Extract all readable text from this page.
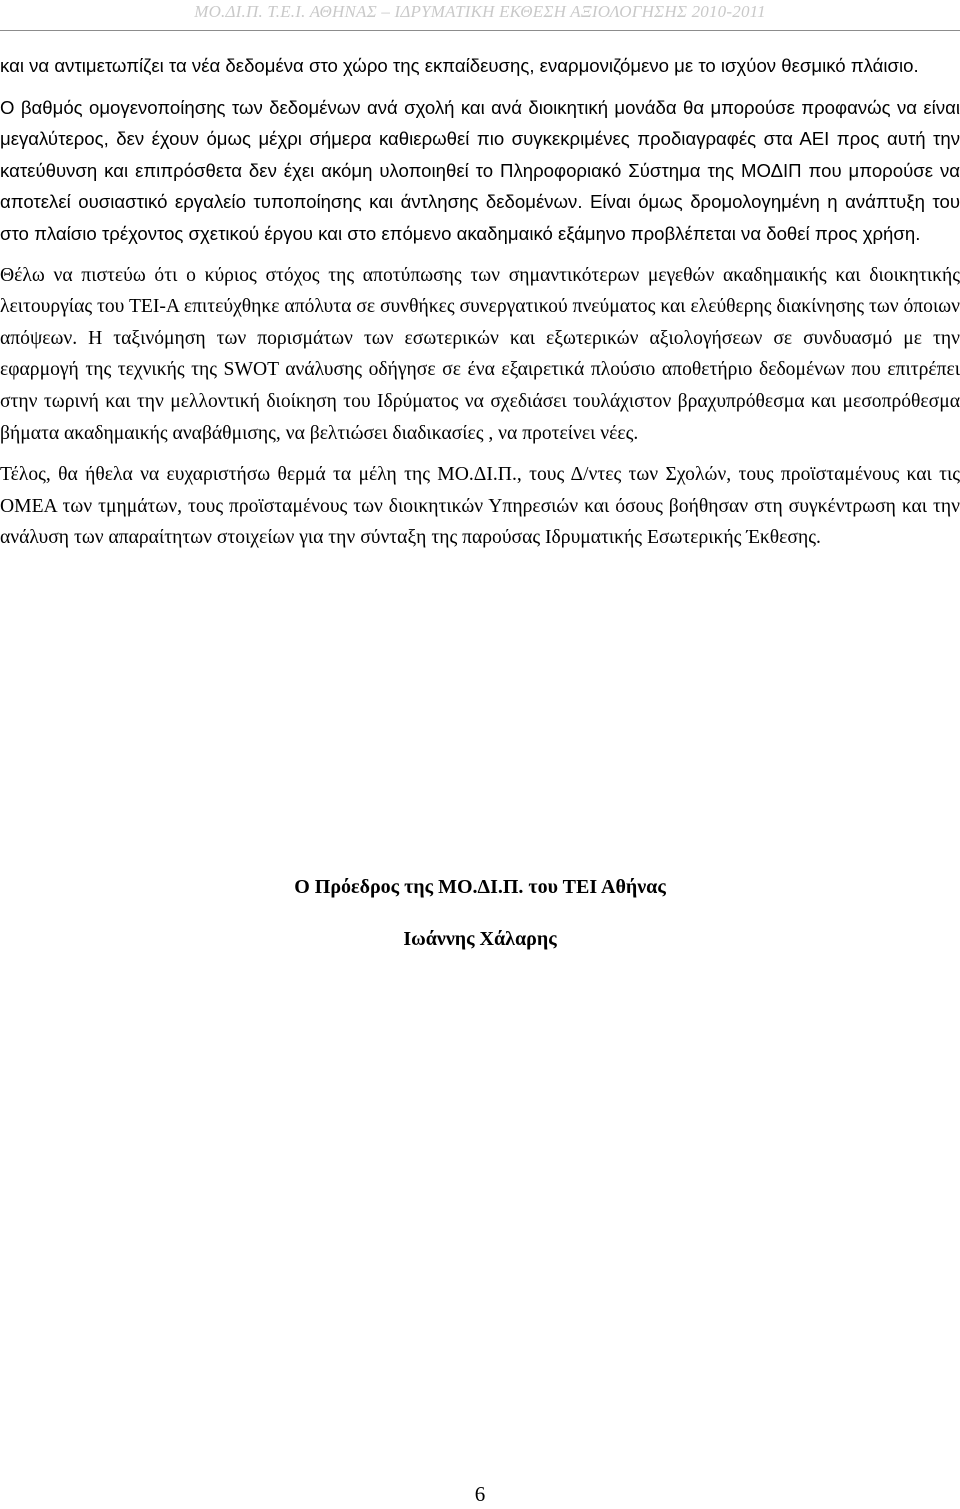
ΜΟ.ΔΙ.Π. Τ.Ε.Ι. ΑΘΗΝΑΣ – ΙΔΡΥΜΑΤΙΚΗ ΕΚΘΕΣΗ ΑΞΙΟΛΟΓΗΣΗΣ 2010-2011

και να αντιμετωπίζει τα νέα δεδομένα στο χώρο της εκπαίδευσης, εναρμονιζόμενο με το ισχύον θεσμικό πλάισιο.

Ο βαθμός ομογενοποίησης των δεδομένων ανά σχολή και ανά διοικητική μονάδα θα μπορούσε προφανώς να είναι μεγαλύτερος, δεν έχουν όμως μέχρι σήμερα καθιερωθεί πιο συγκεκριμένες προδιαγραφές στα ΑΕΙ προς αυτή την κατεύθυνση και επιπρόσθετα δεν έχει ακόμη υλοποιηθεί το Πληροφοριακό Σύστημα της ΜΟΔΙΠ που μπορούσε να αποτελεί ουσιαστικό εργαλείο τυποποίησης και άντλησης δεδομένων. Είναι όμως δρομολογημένη η ανάπτυξη του στο πλαίσιο τρέχοντος σχετικού έργου και στο επόμενο ακαδημαικό εξάμηνο προβλέπεται να δοθεί προς χρήση.

Θέλω να πιστεύω ότι ο κύριος στόχος της αποτύπωσης των σημαντικότερων μεγεθών ακαδημαικής και διοικητικής λειτουργίας του ΤΕΙ-Α επιτεύχθηκε απόλυτα σε συνθήκες συνεργατικού πνεύματος και ελεύθερης διακίνησης των όποιων απόψεων. Η ταξινόμηση των πορισμάτων των εσωτερικών και εξωτερικών αξιολογήσεων σε συνδυασμό με την εφαρμογή της τεχνικής της SWOT ανάλυσης οδήγησε σε ένα εξαιρετικά πλούσιο αποθετήριο δεδομένων που επιτρέπει στην τωρινή και την μελλοντική διοίκηση του Ιδρύματος να σχεδιάσει τουλάχιστον βραχυπρόθεσμα και μεσοπρόθεσμα βήματα ακαδημαικής αναβάθμισης, να βελτιώσει διαδικασίες , να προτείνει νέες.

Τέλος, θα ήθελα να ευχαριστήσω θερμά τα μέλη της ΜΟ.ΔΙ.Π., τους Δ/ντες των Σχολών, τους προϊσταμένους και τις ΟΜΕΑ των τμημάτων, τους προϊσταμένους των διοικητικών Υπηρεσιών και όσους βοήθησαν στη συγκέντρωση και την ανάλυση των απαραίτητων στοιχείων για την σύνταξη της παρούσας Ιδρυματικής Εσωτερικής Έκθεσης.

Ο Πρόεδρος της ΜΟ.ΔΙ.Π. του ΤΕΙ Αθήνας
Ιωάννης Χάλαρης
6
